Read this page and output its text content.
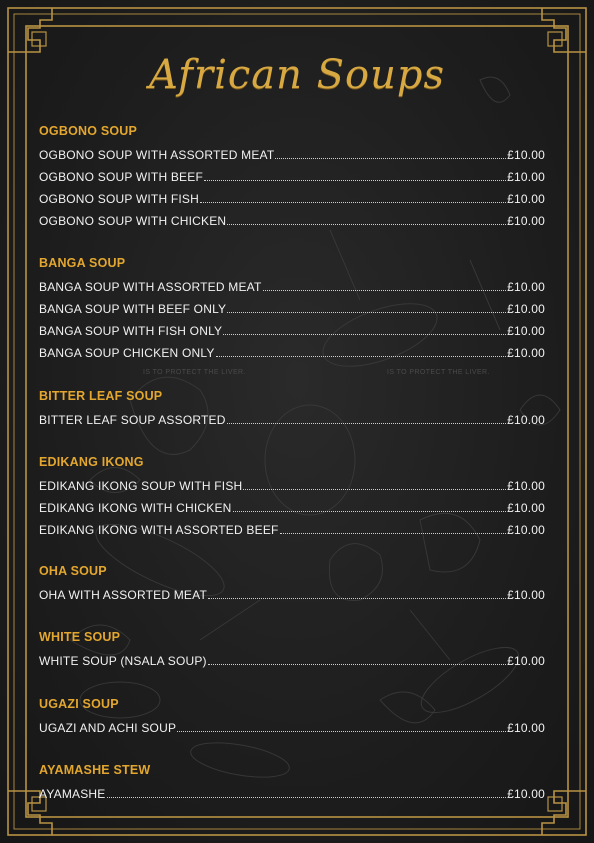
African Soups
IS TO PROTECT THE LIVER.	IS TO PROTECT THE LIVER.
OGBONO SOUP
OGBONO SOUP WITH ASSORTED MEAT	£10.00
OGBONO SOUP WITH BEEF	£10.00
OGBONO SOUP WITH FISH	£10.00
OGBONO SOUP WITH CHICKEN	£10.00
BANGA SOUP
BANGA SOUP WITH ASSORTED MEAT	£10.00
BANGA SOUP WITH BEEF ONLY	£10.00
BANGA SOUP WITH FISH ONLY	£10.00
BANGA SOUP CHICKEN ONLY	£10.00
BITTER LEAF SOUP
BITTER LEAF SOUP ASSORTED	£10.00
EDIKANG IKONG
EDIKANG IKONG SOUP WITH FISH	£10.00
EDIKANG IKONG WITH CHICKEN	£10.00
EDIKANG IKONG WITH ASSORTED BEEF	£10.00
OHA SOUP
OHA WITH ASSORTED MEAT	£10.00
WHITE SOUP
WHITE SOUP (NSALA SOUP)	£10.00
UGAZI SOUP
UGAZI AND ACHI SOUP	£10.00
AYAMASHE STEW
AYAMASHE	£10.00
